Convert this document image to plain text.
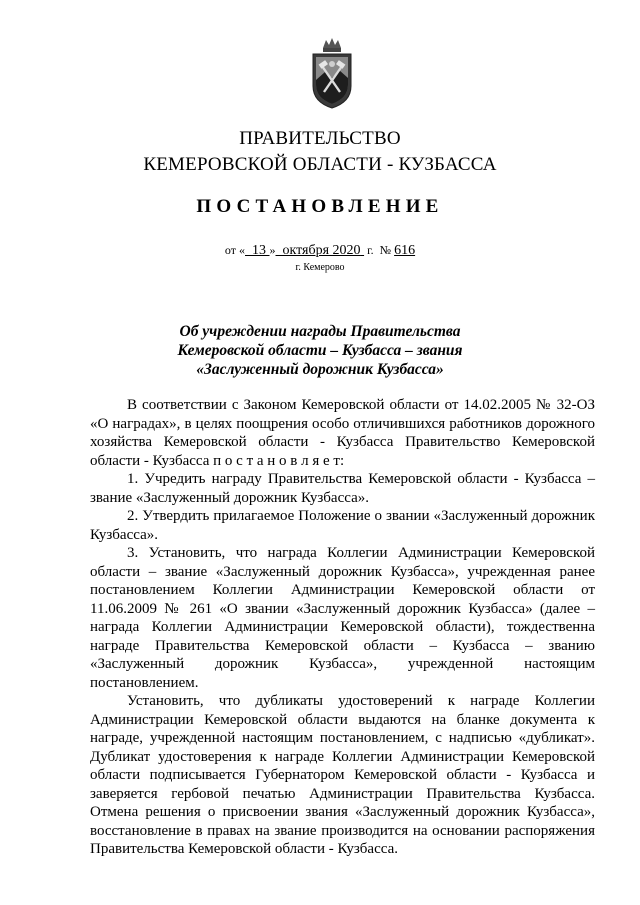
ПРАВИТЕЛЬСТВО
КЕМЕРОВСКОЙ ОБЛАСТИ - КУЗБАССА
ПОСТАНОВЛЕНИЕ
от « 13 » октября 2020 г. № 616
г. Кемерово
Об учреждении награды Правительства
Кемеровской области – Кузбасса – звания
«Заслуженный дорожник Кузбасса»

В соответствии с Законом Кемеровской области от 14.02.2005 № 32-ОЗ «О наградах», в целях поощрения особо отличившихся работников дорожного хозяйства Кемеровской области - Кузбасса Правительство Кемеровской области - Кузбасса п о с т а н о в л я е т:

1. Учредить награду Правительства Кемеровской области - Кузбасса – звание «Заслуженный дорожник Кузбасса».

2. Утвердить прилагаемое Положение о звании «Заслуженный дорожник Кузбасса».

3. Установить, что награда Коллегии Администрации Кемеровской области – звание «Заслуженный дорожник Кузбасса», учрежденная ранее постановлением Коллегии Администрации Кемеровской области от 11.06.2009 № 261 «О звании «Заслуженный дорожник Кузбасса» (далее – награда Коллегии Администрации Кемеровской области), тождественна награде Правительства Кемеровской области – Кузбасса – званию «Заслуженный дорожник Кузбасса», учрежденной настоящим постановлением.

Установить, что дубликаты удостоверений к награде Коллегии Администрации Кемеровской области выдаются на бланке документа к награде, учрежденной настоящим постановлением, с надписью «дубликат». Дубликат удостоверения к награде Коллегии Администрации Кемеровской области подписывается Губернатором Кемеровской области - Кузбасса и заверяется гербовой печатью Администрации Правительства Кузбасса. Отмена решения о присвоении звания «Заслуженный дорожник Кузбасса», восстановление в правах на звание производится на основании распоряжения Правительства Кемеровской области - Кузбасса.
